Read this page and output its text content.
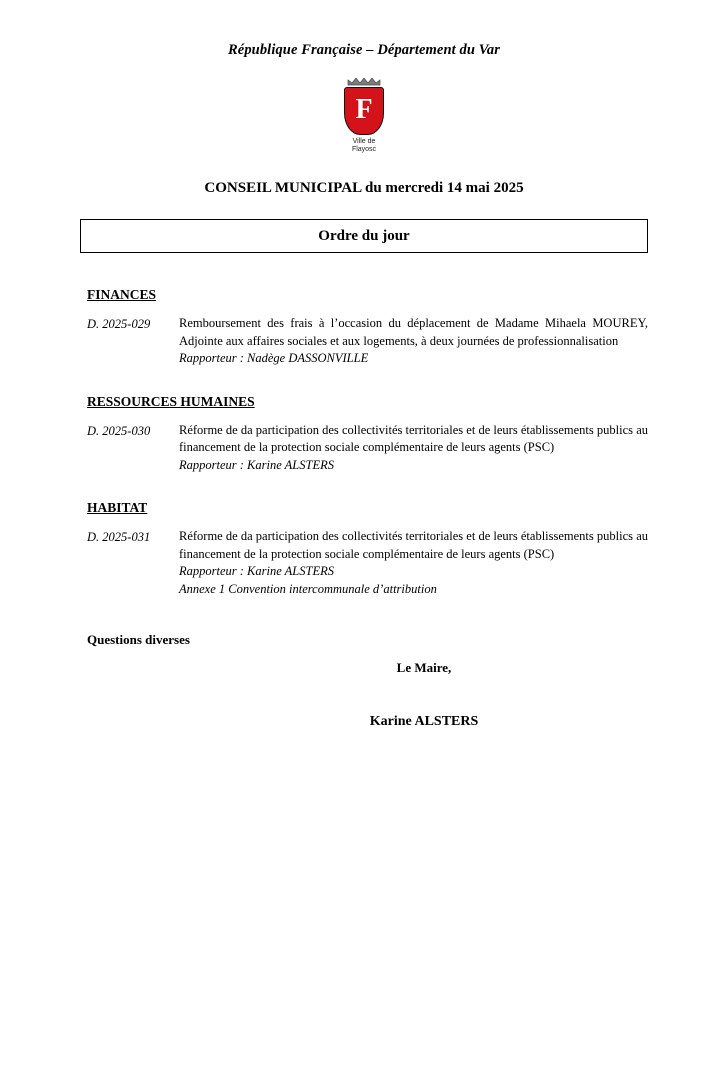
République Française – Département du Var
F
Ville de
Flayosc
CONSEIL MUNICIPAL du mercredi 14 mai 2025
Ordre du jour
FINANCES
D. 2025-029	Remboursement des frais à l’occasion du déplacement de Madame Mihaela MOUREY, Adjointe aux affaires sociales et aux logements, à deux journées de professionnalisation
Rapporteur : Nadège DASSONVILLE
RESSOURCES HUMAINES
D. 2025-030	Réforme de da participation des collectivités territoriales et de leurs établissements publics au financement de la protection sociale complémentaire de leurs agents (PSC)
Rapporteur : Karine ALSTERS
HABITAT
D. 2025-031	Réforme de da participation des collectivités territoriales et de leurs établissements publics au financement de la protection sociale complémentaire de leurs agents (PSC)
Rapporteur : Karine ALSTERS
Annexe 1 Convention intercommunale d’attribution
Questions diverses
Le Maire,
Karine ALSTERS
